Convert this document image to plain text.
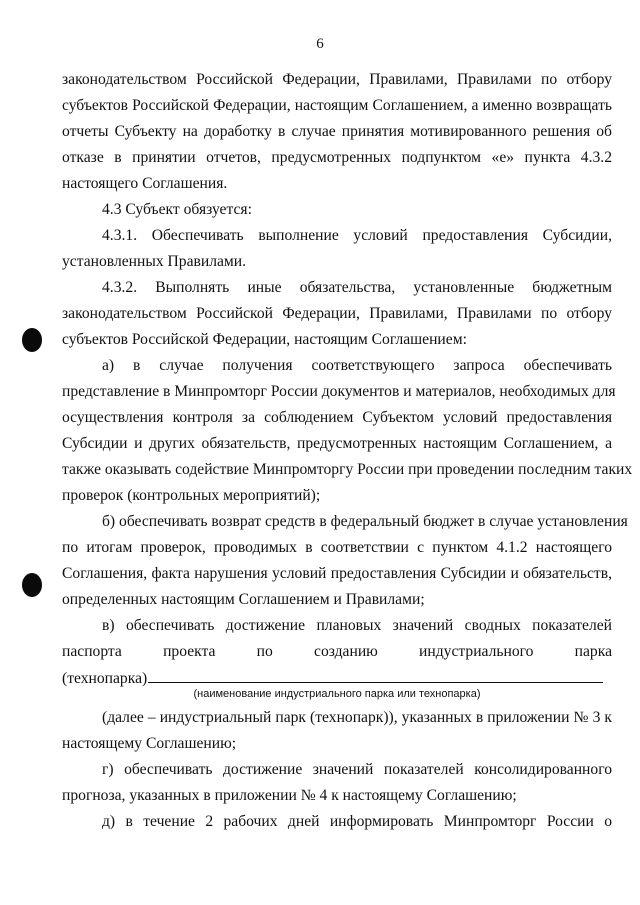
6
законодательством Российской Федерации, Правилами, Правилами по отбору
субъектов Российской Федерации, настоящим Соглашением, а именно возвращать
отчеты Субъекту на доработку в случае принятия мотивированного решения об
отказе в принятии отчетов, предусмотренных подпунктом «е» пункта 4.3.2
настоящего Соглашения.
4.3 Субъект обязуется:
4.3.1. Обеспечивать выполнение условий предоставления Субсидии,
установленных Правилами.
4.3.2. Выполнять иные обязательства, установленные бюджетным
законодательством Российской Федерации, Правилами, Правилами по отбору
субъектов Российской Федерации, настоящим Соглашением:
а) в случае получения соответствующего запроса обеспечивать
представление в Минпромторг России документов и материалов, необходимых для
осуществления контроля за соблюдением Субъектом условий предоставления
Субсидии и других обязательств, предусмотренных настоящим Соглашением, а
также оказывать содействие Минпромторгу России при проведении последним таких
проверок (контрольных мероприятий);
б) обеспечивать возврат средств в федеральный бюджет в случае установления
по итогам проверок, проводимых в соответствии с пунктом 4.1.2 настоящего
Соглашения, факта нарушения условий предоставления Субсидии и обязательств,
определенных настоящим Соглашением и Правилами;
в) обеспечивать достижение плановых значений сводных показателей
паспорта проекта по созданию индустриального парка
(технопарка)
(наименование индустриального парка или технопарка)
(далее – индустриальный парк (технопарк)), указанных в приложении № 3 к
настоящему Соглашению;
г) обеспечивать достижение значений показателей консолидированного
прогноза, указанных в приложении № 4 к настоящему Соглашению;
д) в течение 2 рабочих дней информировать Минпромторг России о
